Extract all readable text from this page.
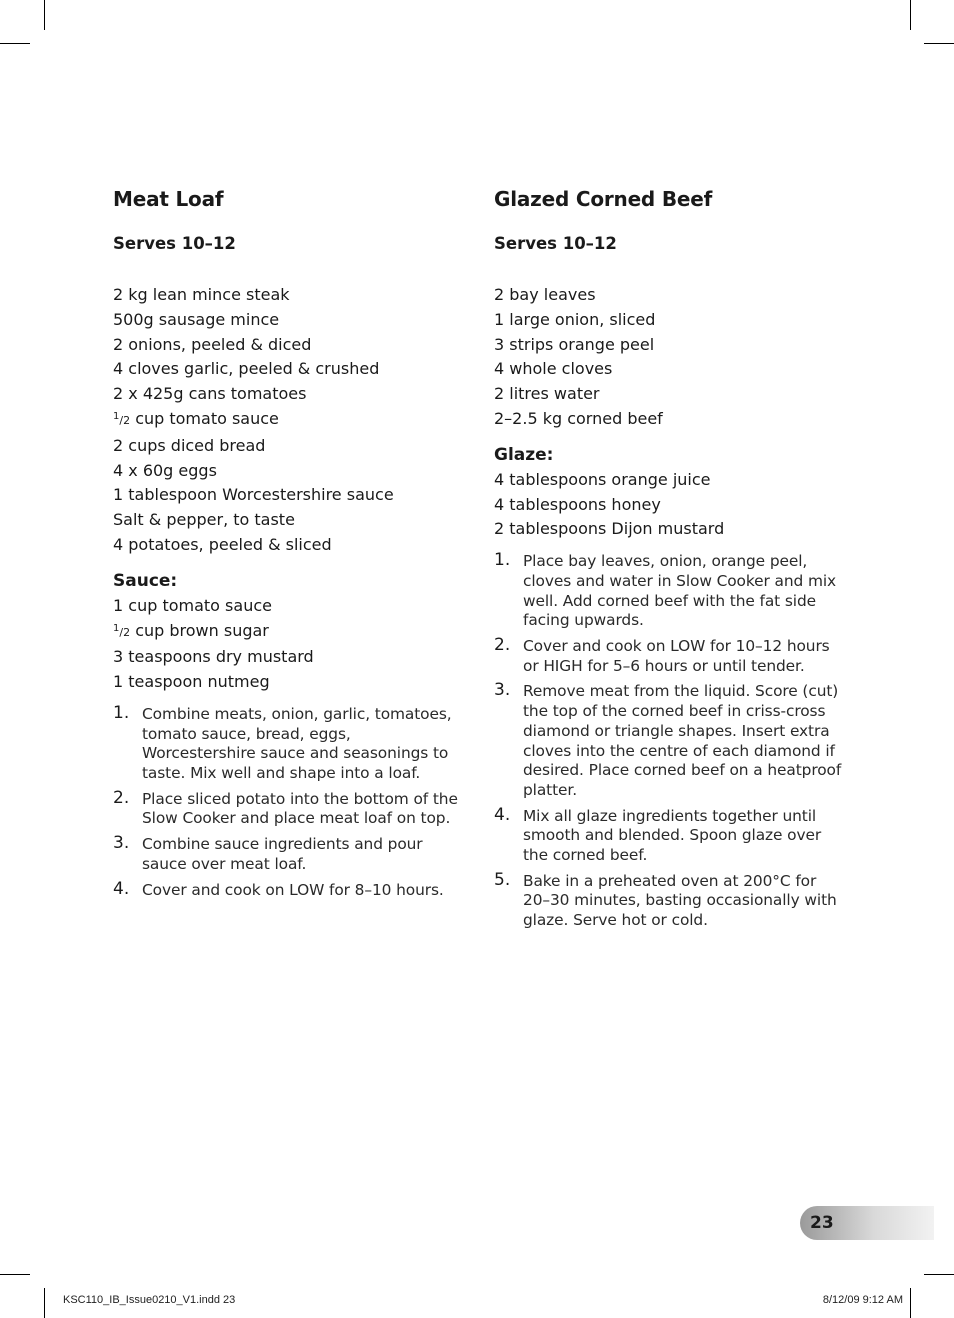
Meat Loaf
Serves 10–12
2 kg lean mince steak
500g sausage mince
2 onions, peeled & diced
4 cloves garlic, peeled & crushed
2 x 425g cans tomatoes
$^1$/2 cup tomato sauce
2 cups diced bread
4 x 60g eggs
1 tablespoon Worcestershire sauce
Salt & pepper, to taste
4 potatoes, peeled & sliced
Sauce:
1 cup tomato sauce
$^1$/2 cup brown sugar
3 teaspoons dry mustard
1 teaspoon nutmeg
1. Combine meats, onion, garlic, tomatoes, tomato sauce, bread, eggs, Worcestershire sauce and seasonings to taste. Mix well and shape into a loaf.
2. Place sliced potato into the bottom of the Slow Cooker and place meat loaf on top.
3. Combine sauce ingredients and pour sauce over meat loaf.
4. Cover and cook on LOW for 8–10 hours.
Glazed Corned Beef
Serves 10–12
2 bay leaves
1 large onion, sliced
3 strips orange peel
4 whole cloves
2 litres water
2–2.5 kg corned beef
Glaze:
4 tablespoons orange juice
4 tablespoons honey
2 tablespoons Dijon mustard
1. Place bay leaves, onion, orange peel, cloves and water in Slow Cooker and mix well. Add corned beef with the fat side facing upwards.
2. Cover and cook on LOW for 10–12 hours or HIGH for 5–6 hours or until tender.
3. Remove meat from the liquid. Score (cut) the top of the corned beef in criss-cross diamond or triangle shapes. Insert extra cloves into the centre of each diamond if desired. Place corned beef on a heatproof platter.
4. Mix all glaze ingredients together until smooth and blended. Spoon glaze over the corned beef.
5. Bake in a preheated oven at 200°C for 20–30 minutes, basting occasionally with glaze. Serve hot or cold.
23
KSC110_IB_Issue0210_V1.indd 23	8/12/09 9:12 AM
